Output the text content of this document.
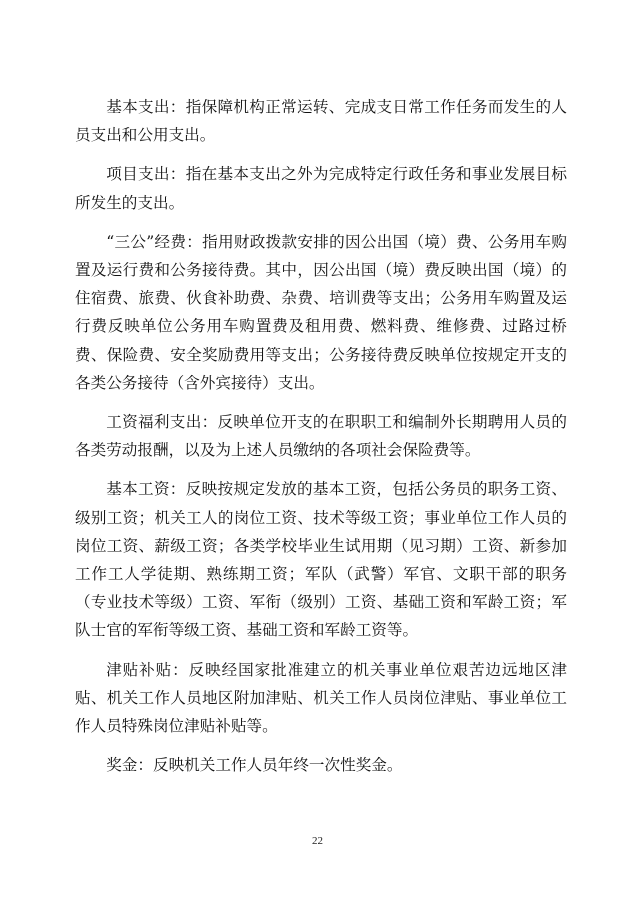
基本支出：指保障机构正常运转、完成支日常工作任务而发生的人员支出和公用支出。

项目支出：指在基本支出之外为完成特定行政任务和事业发展目标所发生的支出。

“三公”经费：指用财政拨款安排的因公出国（境）费、公务用车购置及运行费和公务接待费。其中，因公出国（境）费反映出国（境）的住宿费、旅费、伙食补助费、杂费、培训费等支出；公务用车购置及运行费反映单位公务用车购置费及租用费、燃料费、维修费、过路过桥费、保险费、安全奖励费用等支出；公务接待费反映单位按规定开支的各类公务接待（含外宾接待）支出。

工资福利支出：反映单位开支的在职职工和编制外长期聘用人员的各类劳动报酬，以及为上述人员缴纳的各项社会保险费等。

基本工资：反映按规定发放的基本工资，包括公务员的职务工资、级别工资；机关工人的岗位工资、技术等级工资；事业单位工作人员的岗位工资、薪级工资；各类学校毕业生试用期（见习期）工资、新参加工作工人学徒期、熟练期工资；军队（武警）军官、文职干部的职务（专业技术等级）工资、军衔（级别）工资、基础工资和军龄工资；军队士官的军衔等级工资、基础工资和军龄工资等。

津贴补贴：反映经国家批准建立的机关事业单位艰苦边远地区津贴、机关工作人员地区附加津贴、机关工作人员岗位津贴、事业单位工作人员特殊岗位津贴补贴等。

奖金：反映机关工作人员年终一次性奖金。

22
